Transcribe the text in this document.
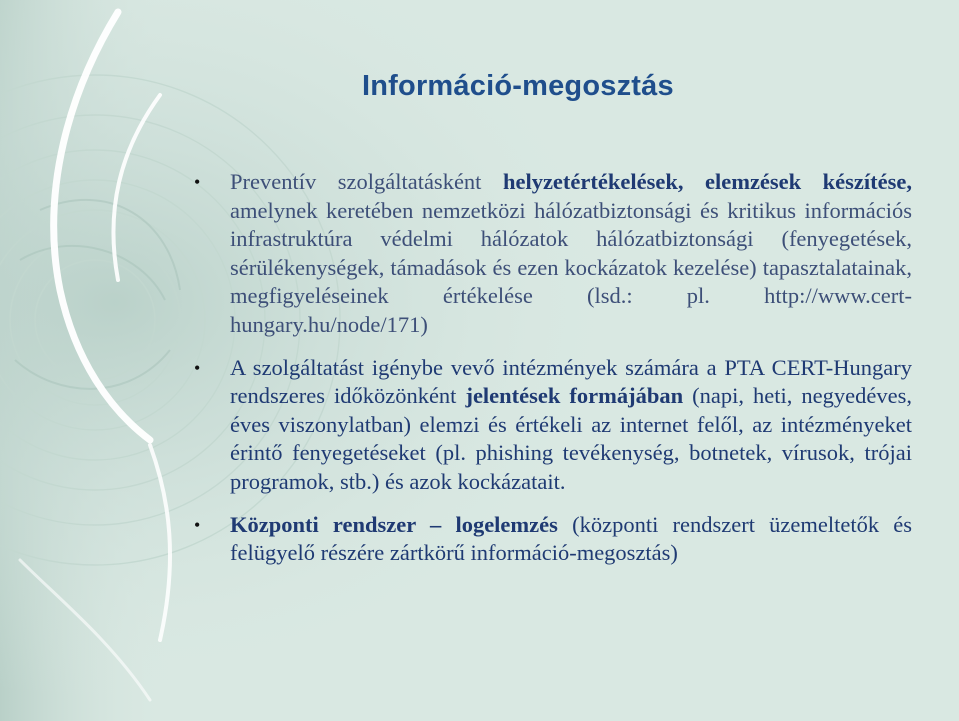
Információ-megosztás
• Preventív szolgáltatásként helyzetértékelések, elemzések készítése, amelynek keretében nemzetközi hálózatbiztonsági és kritikus információs infrastruktúra védelmi hálózatok hálózatbiztonsági (fenyegetések, sérülékenységek, támadások és ezen kockázatok kezelése) tapasztalatainak, megfigyeléseinek értékelése (lsd.: pl. http://www.cert-hungary.hu/node/171)
• A szolgáltatást igénybe vevő intézmények számára a PTA CERT-Hungary rendszeres időközönként jelentések formájában (napi, heti, negyedéves, éves viszonylatban) elemzi és értékeli az internet felől, az intézményeket érintő fenyegetéseket (pl. phishing tevékenység, botnetek, vírusok, trójai programok, stb.) és azok kockázatait.
• Központi rendszer – logelemzés (központi rendszert üzemeltetők és felügyelő részére zártkörű információ-megosztás)
